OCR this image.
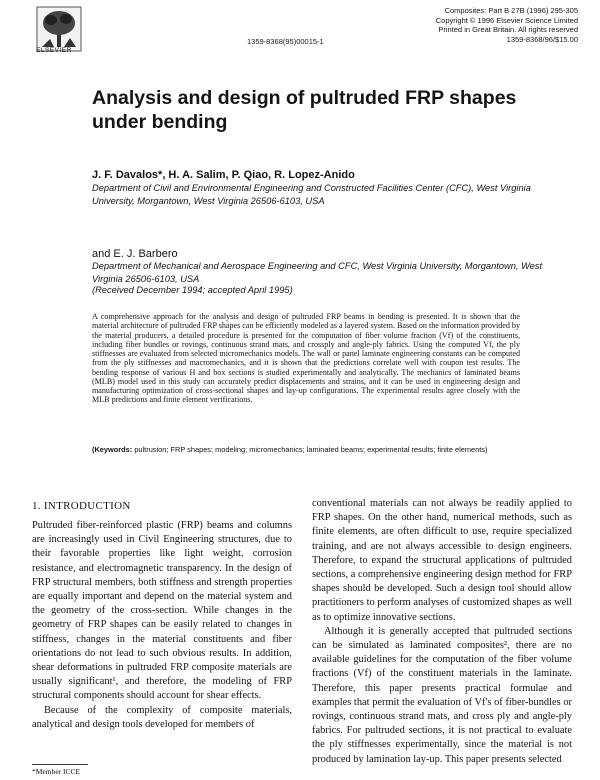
ELSEVIER
1359-8368(95)00015-1
Composites: Part B 27B (1996) 295-305
Copyright © 1996 Elsevier Science Limited
Printed in Great Britain. All rights reserved
1359-8368/96/$15.00
Analysis and design of pultruded FRP shapes under bending
J. F. Davalos*, H. A. Salim, P. Qiao, R. Lopez-Anido
Department of Civil and Environmental Engineering and Constructed Facilities Center (CFC), West Virginia University, Morgantown, West Virginia 26506-6103, USA
and E. J. Barbero
Department of Mechanical and Aerospace Engineering and CFC, West Virginia University, Morgantown, West Virginia 26506-6103, USA
(Received December 1994; accepted April 1995)
A comprehensive approach for the analysis and design of pultruded FRP beams in bending is presented. It is shown that the material architecture of pultruded FRP shapes can be efficiently modeled as a layered system. Based on the information provided by the material producers, a detailed procedure is presented for the computation of fiber volume fraction (Vf) of the constituents, including fiber bundles or rovings, continuous strand mats, and crossply and angle-ply fabrics. Using the computed Vf, the ply stiffnesses are evaluated from selected micromechanics models. The wall or panel laminate engineering constants can be computed from the ply stiffnesses and macromechanics, and it is shown that the predictions correlate well with coupon test results. The bending response of various H and box sections is studied experimentally and analytically. The mechanics of laminated beams (MLB) model used in this study can accurately predict displacements and strains, and it can be used in engineering design and manufacturing optimization of cross-sectional shapes and lay-up configurations. The experimental results agree closely with the MLB predictions and finite element verifications.
(Keywords: pultrusion; FRP shapes; modeling; micromechanics; laminated beams; experimental results; finite elements)
1. INTRODUCTION

Pultruded fiber-reinforced plastic (FRP) beams and columns are increasingly used in Civil Engineering structures, due to their favorable properties like light weight, corrosion resistance, and electromagnetic transparency. In the design of FRP structural members, both stiffness and strength properties are equally important and depend on the material system and the geometry of the cross-section. While changes in the geometry of FRP shapes can be easily related to changes in stiffness, changes in the material constituents and fiber orientations do not lead to such obvious results. In addition, shear deformations in pultruded FRP composite materials are usually significant¹, and therefore, the modeling of FRP structural components should account for shear effects.

Because of the complexity of composite materials, analytical and design tools developed for members of

conventional materials can not always be readily applied to FRP shapes. On the other hand, numerical methods, such as finite elements, are often difficult to use, require specialized training, and are not always accessible to design engineers. Therefore, to expand the structural applications of pultruded sections, a comprehensive engineering design method for FRP shapes should be developed. Such a design tool should allow practitioners to perform analyses of customized shapes as well as to optimize innovative sections.

Although it is generally accepted that pultruded sections can be simulated as laminated composites², there are no available guidelines for the computation of the fiber volume fractions (Vf) of the constituent materials in the laminate. Therefore, this paper presents practical formulae and examples that permit the evaluation of Vf's of fiber-bundles or rovings, continuous strand mats, and cross ply and angle-ply fabrics. For pultruded sections, it is not practical to evaluate the ply stiffnesses experimentally, since the material is not produced by lamination lay-up. This paper presents selected

*Member ICCE
